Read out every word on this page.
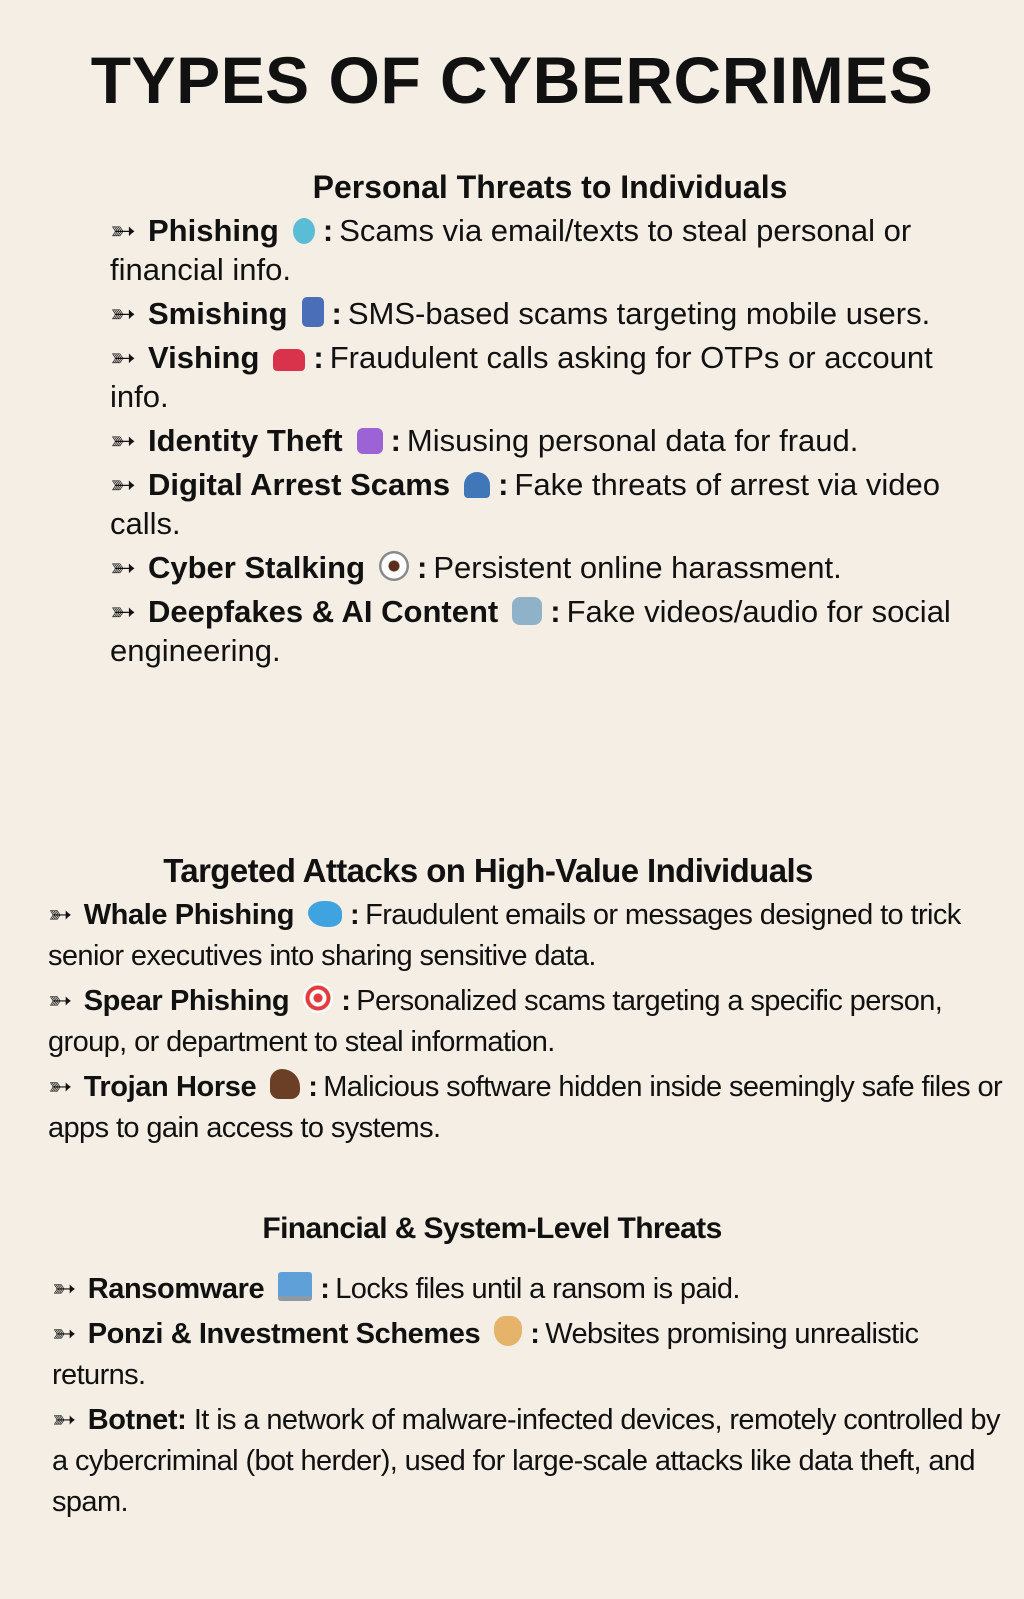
TYPES OF CYBERCRIMES
Personal Threats to Individuals
➳ Phishing : Scams via email/texts to steal personal or financial info.
➳ Smishing : SMS-based scams targeting mobile users.
➳ Vishing : Fraudulent calls asking for OTPs or account info.
➳ Identity Theft : Misusing personal data for fraud.
➳ Digital Arrest Scams : Fake threats of arrest via video calls.
➳ Cyber Stalking : Persistent online harassment.
➳ Deepfakes & AI Content : Fake videos/audio for social engineering.
Targeted Attacks on High-Value Individuals
➳ Whale Phishing : Fraudulent emails or messages designed to trick senior executives into sharing sensitive data.
➳ Spear Phishing : Personalized scams targeting a specific person, group, or department to steal information.
➳ Trojan Horse : Malicious software hidden inside seemingly safe files or apps to gain access to systems.
Financial & System-Level Threats
➳ Ransomware : Locks files until a ransom is paid.
➳ Ponzi & Investment Schemes : Websites promising unrealistic returns.
➳ Botnet: It is a network of malware-infected devices, remotely controlled by a cybercriminal (bot herder), used for large-scale attacks like data theft, and spam.
